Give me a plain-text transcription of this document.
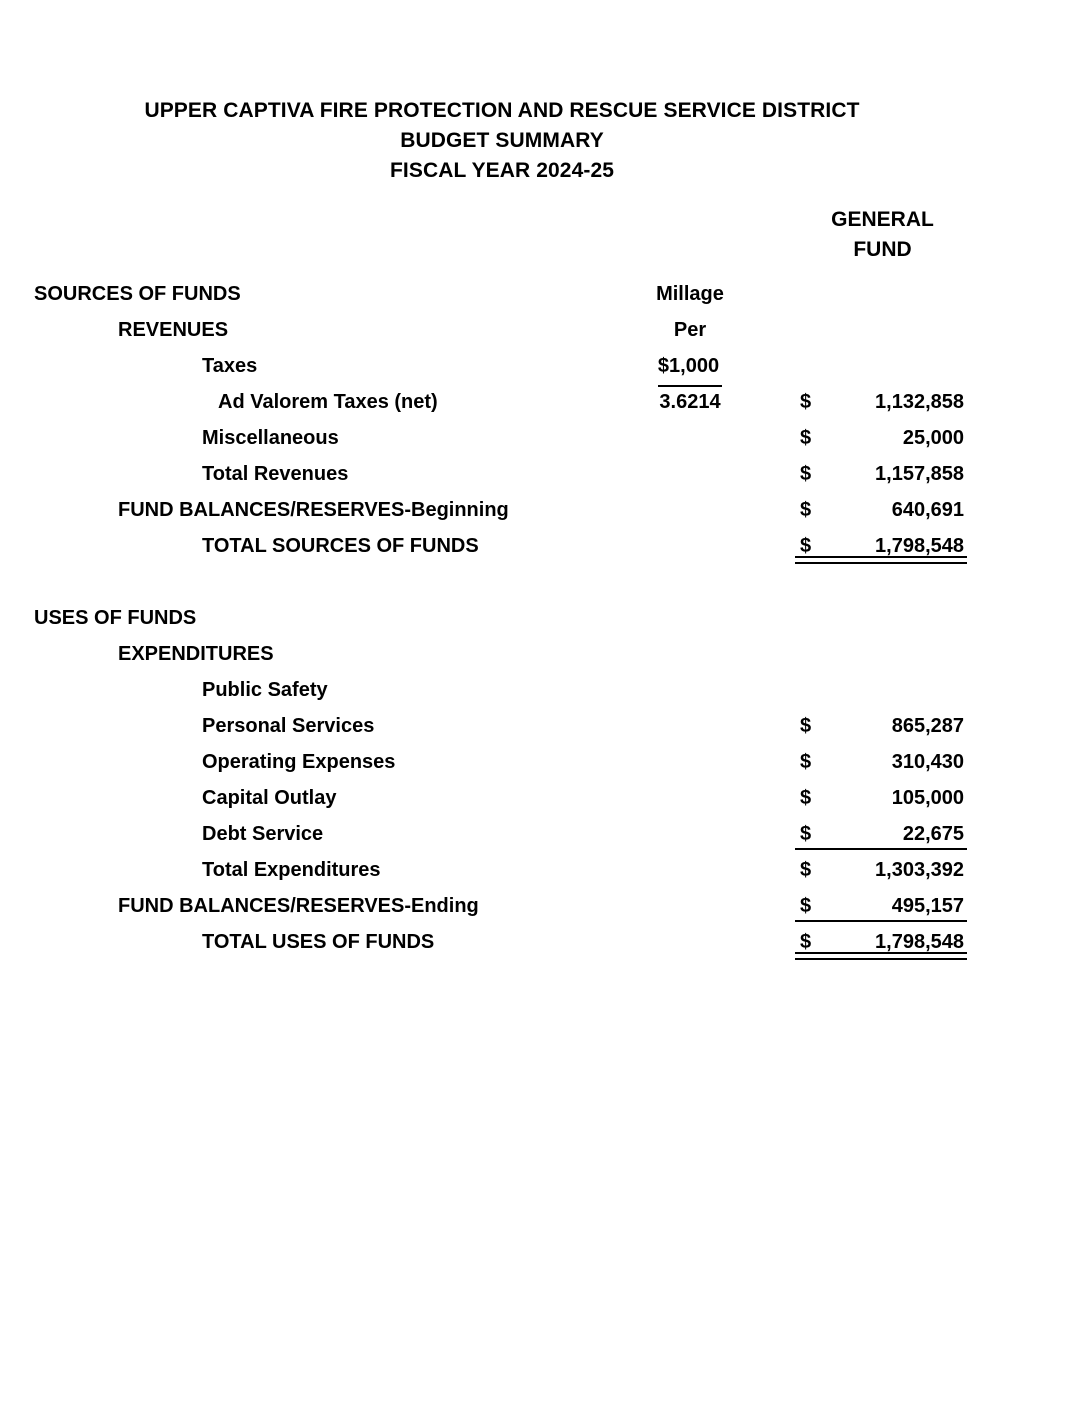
UPPER CAPTIVA FIRE PROTECTION AND RESCUE SERVICE DISTRICT
BUDGET SUMMARY
FISCAL YEAR 2024-25
GENERAL
FUND
SOURCES OF FUNDS	Millage
REVENUES	Per
Taxes	$1,000
Ad Valorem Taxes (net)	3.6214	$	1,132,858
Miscellaneous	$	25,000
Total Revenues	$	1,157,858
FUND BALANCES/RESERVES-Beginning	$	640,691
TOTAL SOURCES OF FUNDS	$	1,798,548
USES OF FUNDS
EXPENDITURES
Public Safety
Personal Services	$	865,287
Operating Expenses	$	310,430
Capital Outlay	$	105,000
Debt Service	$	22,675
Total Expenditures	$	1,303,392
FUND BALANCES/RESERVES-Ending	$	495,157
TOTAL USES OF FUNDS	$	1,798,548
